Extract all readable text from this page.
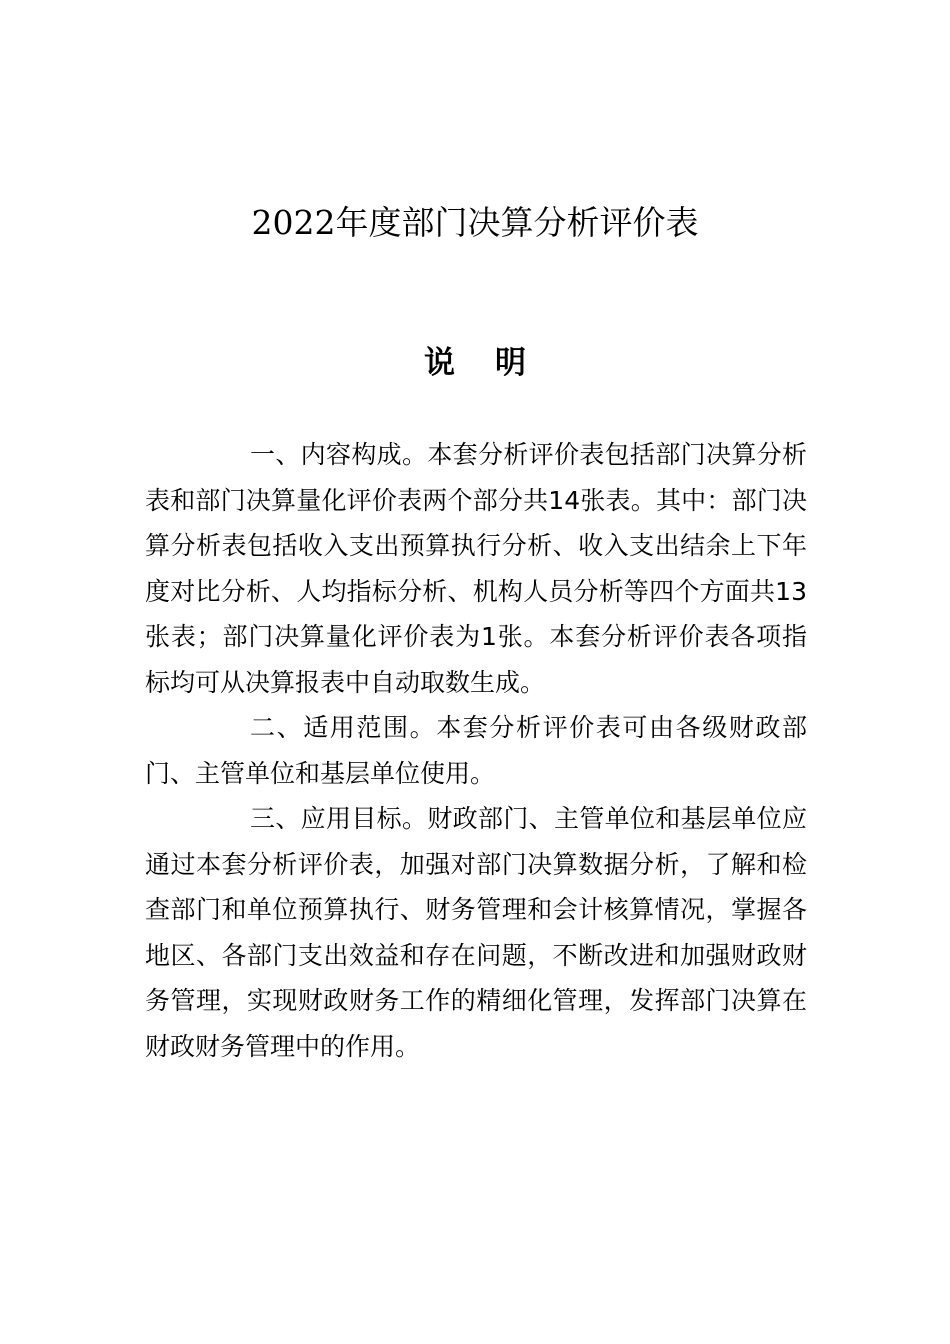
2022年度部门决算分析评价表
说明

一、内容构成。本套分析评价表包括部门决算分析表和部门决算量化评价表两个部分共14张表。其中：部门决算分析表包括收入支出预算执行分析、收入支出结余上下年度对比分析、人均指标分析、机构人员分析等四个方面共13张表；部门决算量化评价表为1张。本套分析评价表各项指标均可从决算报表中自动取数生成。

二、适用范围。本套分析评价表可由各级财政部门、主管单位和基层单位使用。

三、应用目标。财政部门、主管单位和基层单位应通过本套分析评价表，加强对部门决算数据分析，了解和检查部门和单位预算执行、财务管理和会计核算情况，掌握各地区、各部门支出效益和存在问题，不断改进和加强财政财务管理，实现财政财务工作的精细化管理，发挥部门决算在财政财务管理中的作用。
